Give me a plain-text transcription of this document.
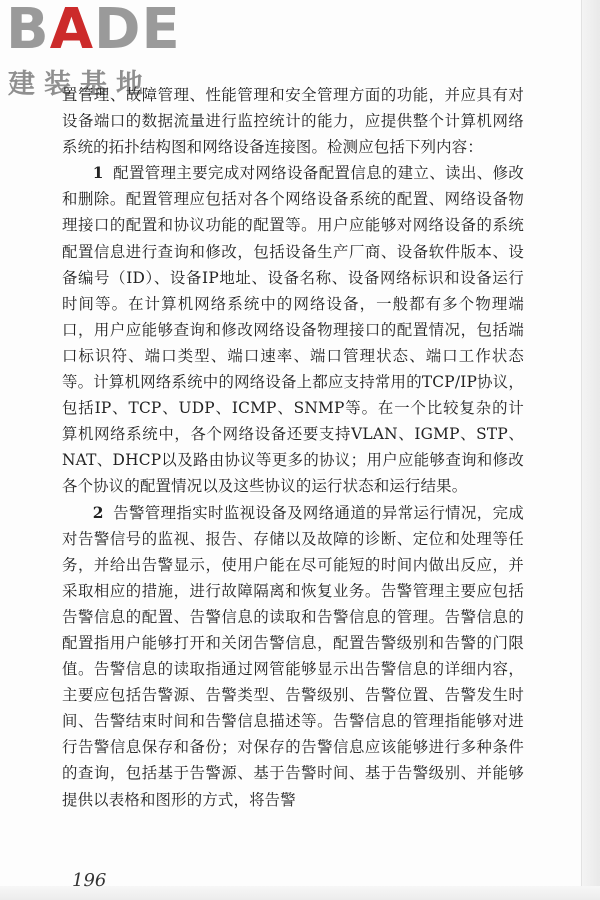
BADE
建装基地

置管理、故障管理、性能管理和安全管理方面的功能，并应具有对设备端口的数据流量进行监控统计的能力，应提供整个计算机网络系统的拓扑结构图和网络设备连接图。检测应包括下列内容：

1 配置管理主要完成对网络设备配置信息的建立、读出、修改和删除。配置管理应包括对各个网络设备系统的配置、网络设备物理接口的配置和协议功能的配置等。用户应能够对网络设备的系统配置信息进行查询和修改，包括设备生产厂商、设备软件版本、设备编号（ID）、设备IP地址、设备名称、设备网络标识和设备运行时间等。在计算机网络系统中的网络设备，一般都有多个物理端口，用户应能够查询和修改网络设备物理接口的配置情况，包括端口标识符、端口类型、端口速率、端口管理状态、端口工作状态等。计算机网络系统中的网络设备上都应支持常用的TCP/IP协议，包括IP、TCP、UDP、ICMP、SNMP等。在一个比较复杂的计算机网络系统中，各个网络设备还要支持VLAN、IGMP、STP、NAT、DHCP以及路由协议等更多的协议；用户应能够查询和修改各个协议的配置情况以及这些协议的运行状态和运行结果。

2 告警管理指实时监视设备及网络通道的异常运行情况，完成对告警信号的监视、报告、存储以及故障的诊断、定位和处理等任务，并给出告警显示，使用户能在尽可能短的时间内做出反应，并采取相应的措施，进行故障隔离和恢复业务。告警管理主要应包括告警信息的配置、告警信息的读取和告警信息的管理。告警信息的配置指用户能够打开和关闭告警信息，配置告警级别和告警的门限值。告警信息的读取指通过网管能够显示出告警信息的详细内容，主要应包括告警源、告警类型、告警级别、告警位置、告警发生时间、告警结束时间和告警信息描述等。告警信息的管理指能够对进行告警信息保存和备份；对保存的告警信息应该能够进行多种条件的查询，包括基于告警源、基于告警时间、基于告警级别、并能够提供以表格和图形的方式，将告警

196
